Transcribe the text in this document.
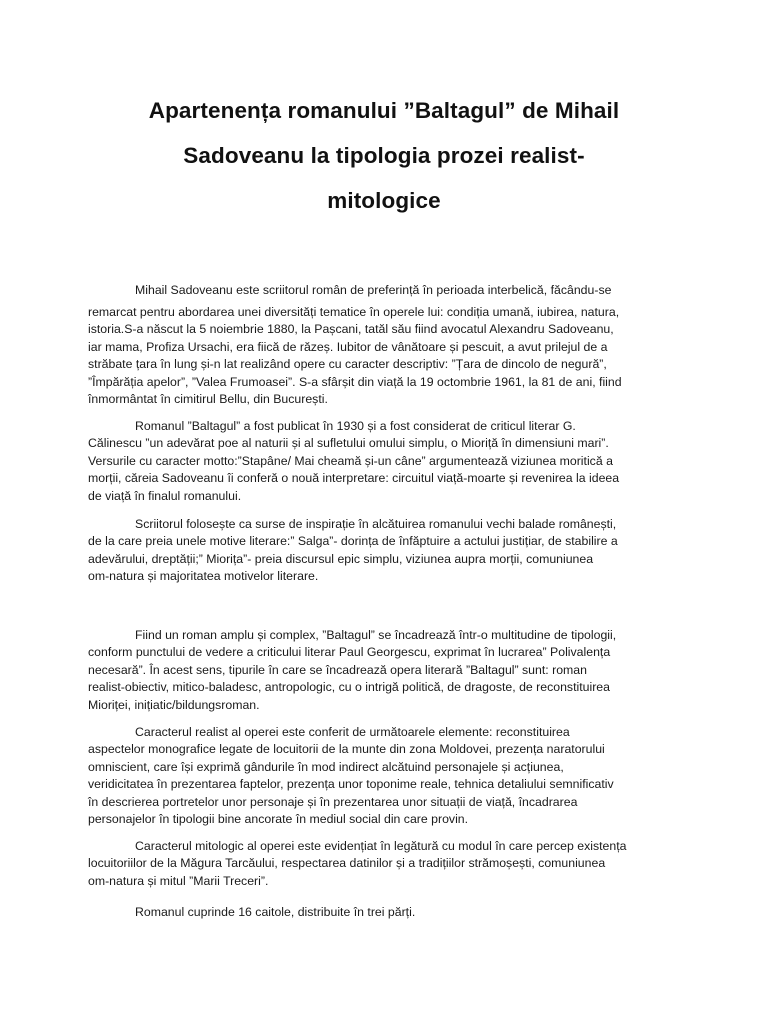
Apartenența romanului ”Baltagul” de Mihail
Sadoveanu la tipologia prozei realist-
mitologice
Mihail Sadoveanu este scriitorul român de preferință în perioada interbelică, făcându-se
remarcat pentru abordarea unei diversități tematice în operele lui: condiția umană, iubirea, natura,
istoria.S-a născut la 5 noiembrie 1880, la Pașcani, tatăl său fiind avocatul Alexandru Sadoveanu,
iar mama, Profiza Ursachi, era fiică de răzeș. Iubitor de vânătoare și pescuit, a avut prilejul de a
străbate țara în lung și-n lat realizând opere cu caracter descriptiv: ”Țara de dincolo de negură”,
”Împărăția apelor”, ”Valea Frumoasei”. S-a sfârșit din viață la 19 octombrie 1961, la 81 de ani, fiind
înmormântat în cimitirul Bellu, din București.
Romanul ”Baltagul” a fost publicat în 1930 și a fost considerat de criticul literar G.
Călinescu ”un adevărat poe al naturii și al sufletului omului simplu, o Mioriță în dimensiuni mari”.
Versurile cu caracter motto:”Stapâne/ Mai cheamă și-un câne” argumentează viziunea moritică a
morții, căreia Sadoveanu îi conferă o nouă interpretare: circuitul viață-moarte și revenirea la ideea
de viață în finalul romanului.
Scriitorul folosește ca surse de inspirație în alcătuirea romanului vechi balade românești,
de la care preia unele motive literare:” Salga”- dorința de înfăptuire a actului justițiar, de stabilire a
adevărului, dreptății;” Miorița”- preia discursul epic simplu, viziunea aupra morții, comuniunea
om-natura și majoritatea motivelor literare.
Fiind un roman amplu și complex, ”Baltagul” se încadrează într-o multitudine de tipologii,
conform punctului de vedere a criticului literar Paul Georgescu, exprimat în lucrarea” Polivalența
necesară”. În acest sens, tipurile în care se încadrează opera literară ”Baltagul” sunt: roman
realist-obiectiv, mitico-baladesc, antropologic, cu o intrigă politică, de dragoste, de reconstituirea
Mioriței, inițiatic/bildungsroman.
Caracterul realist al operei este conferit de următoarele elemente: reconstituirea
aspectelor monografice legate de locuitorii de la munte din zona Moldovei, prezența naratorului
omniscient, care își exprimă gândurile în mod indirect alcătuind personajele și acțiunea,
veridicitatea în prezentarea faptelor, prezența unor toponime reale, tehnica detaliului semnificativ
în descrierea portretelor unor personaje și în prezentarea unor situații de viață, încadrarea
personajelor în tipologii bine ancorate în mediul social din care provin.
Caracterul mitologic al operei este evidențiat în legătură cu modul în care percep existența
locuitoriilor de la Măgura Tarcăului, respectarea datinilor și a tradițiilor strămoșești, comuniunea
om-natura și mitul ”Marii Treceri”.
Romanul cuprinde 16 caitole, distribuite în trei părți.
